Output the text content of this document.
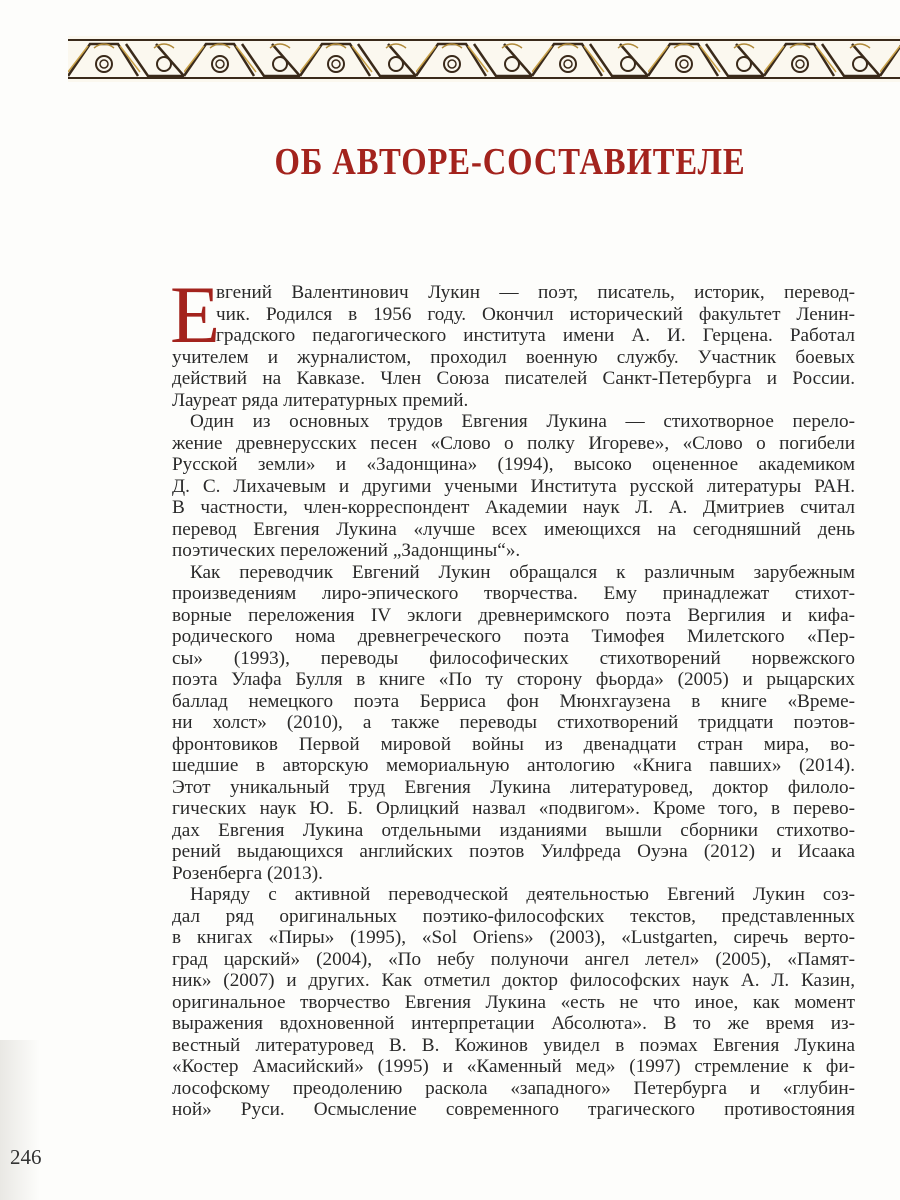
ОБ АВТОРЕ-СОСТАВИТЕЛЕ
Е
вгений Валентинович Лукин — поэт, писатель, историк, перевод-
чик. Родился в 1956 году. Окончил исторический факультет Ленин-
градского педагогического института имени А. И. Герцена. Работал
учителем и журналистом, проходил военную службу. Участник боевых
действий на Кавказе. Член Союза писателей Санкт-Петербурга и России.
Лауреат ряда литературных премий.
Один из основных трудов Евгения Лукина — стихотворное перело-
жение древнерусских песен «Слово о полку Игореве», «Слово о погибели
Русской земли» и «Задонщина» (1994), высоко оцененное академиком
Д. С. Лихачевым и другими учеными Института русской литературы РАН.
В частности, член-корреспондент Академии наук Л. А. Дмитриев считал
перевод Евгения Лукина «лучше всех имеющихся на сегодняшний день
поэтических переложений „Задонщины“».
Как переводчик Евгений Лукин обращался к различным зарубежным
произведениям лиро-эпического творчества. Ему принадлежат стихот-
ворные переложения IV эклоги древнеримского поэта Вергилия и кифа-
родического нома древнегреческого поэта Тимофея Милетского «Пер-
сы» (1993), переводы философических стихотворений норвежского
поэта Улафа Булля в книге «По ту сторону фьорда» (2005) и рыцарских
баллад немецкого поэта Берриса фон Мюнхгаузена в книге «Време-
ни холст» (2010), а также переводы стихотворений тридцати поэтов-
фронтовиков Первой мировой войны из двенадцати стран мира, во-
шедшие в авторскую мемориальную антологию «Книга павших» (2014).
Этот уникальный труд Евгения Лукина литературовед, доктор филоло-
гических наук Ю. Б. Орлицкий назвал «подвигом». Кроме того, в перево-
дах Евгения Лукина отдельными изданиями вышли сборники стихотво-
рений выдающихся английских поэтов Уилфреда Оуэна (2012) и Исаака
Розенберга (2013).
Наряду с активной переводческой деятельностью Евгений Лукин соз-
дал ряд оригинальных поэтико-философских текстов, представленных
в книгах «Пиры» (1995), «Sol Oriens» (2003), «Lustgarten, сиречь верто-
град царский» (2004), «По небу полуночи ангел летел» (2005), «Памят-
ник» (2007) и других. Как отметил доктор философских наук А. Л. Казин,
оригинальное творчество Евгения Лукина «есть не что иное, как момент
выражения вдохновенной интерпретации Абсолюта». В то же время из-
вестный литературовед В. В. Кожинов увидел в поэмах Евгения Лукина
«Костер Амасийский» (1995) и «Каменный мед» (1997) стремление к фи-
лософскому преодолению раскола «западного» Петербурга и «глубин-
ной» Руси. Осмысление современного трагического противостояния
246
